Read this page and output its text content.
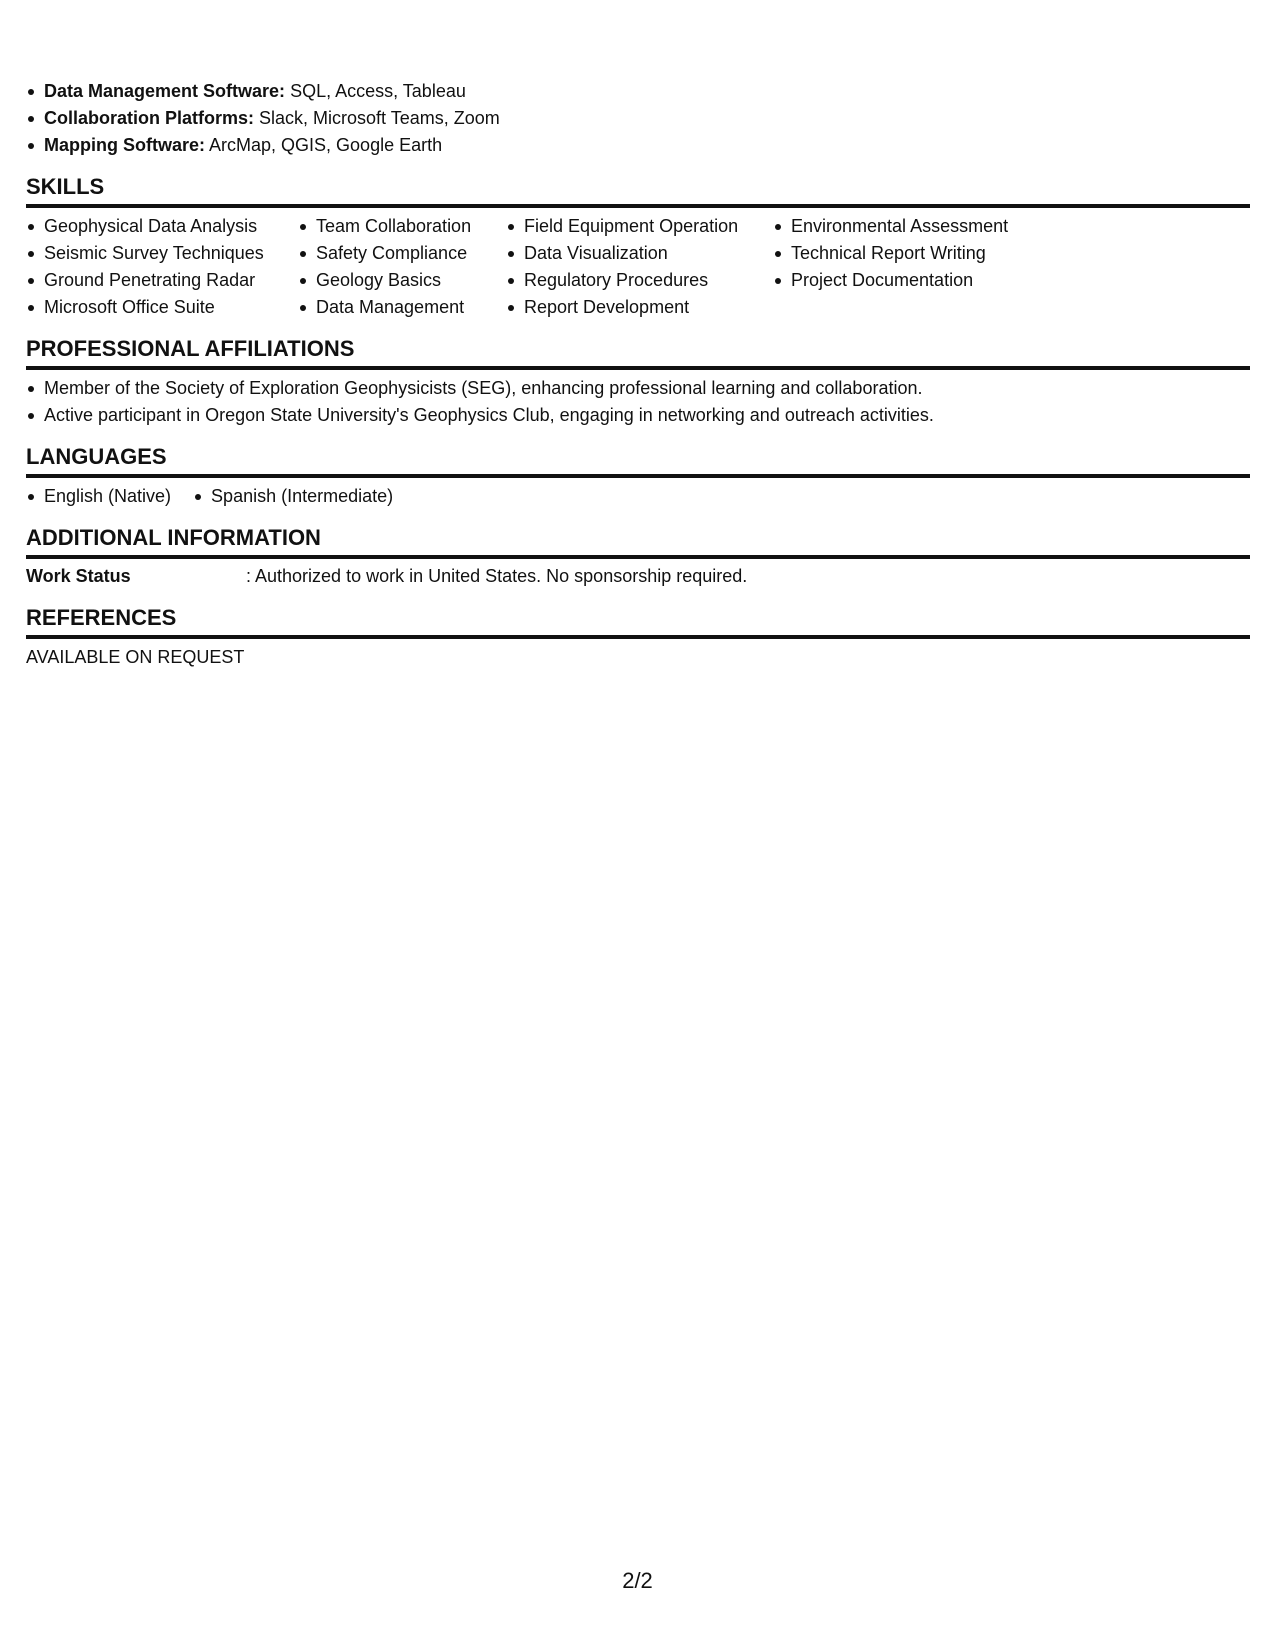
Data Management Software: SQL, Access, Tableau
Collaboration Platforms: Slack, Microsoft Teams, Zoom
Mapping Software: ArcMap, QGIS, Google Earth
SKILLS
Geophysical Data Analysis
Seismic Survey Techniques
Ground Penetrating Radar
Microsoft Office Suite
Team Collaboration
Safety Compliance
Geology Basics
Data Management
Field Equipment Operation
Data Visualization
Regulatory Procedures
Report Development
Environmental Assessment
Technical Report Writing
Project Documentation
PROFESSIONAL AFFILIATIONS
Member of the Society of Exploration Geophysicists (SEG), enhancing professional learning and collaboration.
Active participant in Oregon State University's Geophysics Club, engaging in networking and outreach activities.
LANGUAGES
English (Native)	Spanish (Intermediate)
ADDITIONAL INFORMATION
Work Status	: Authorized to work in United States. No sponsorship required.
REFERENCES
AVAILABLE ON REQUEST
2/2
